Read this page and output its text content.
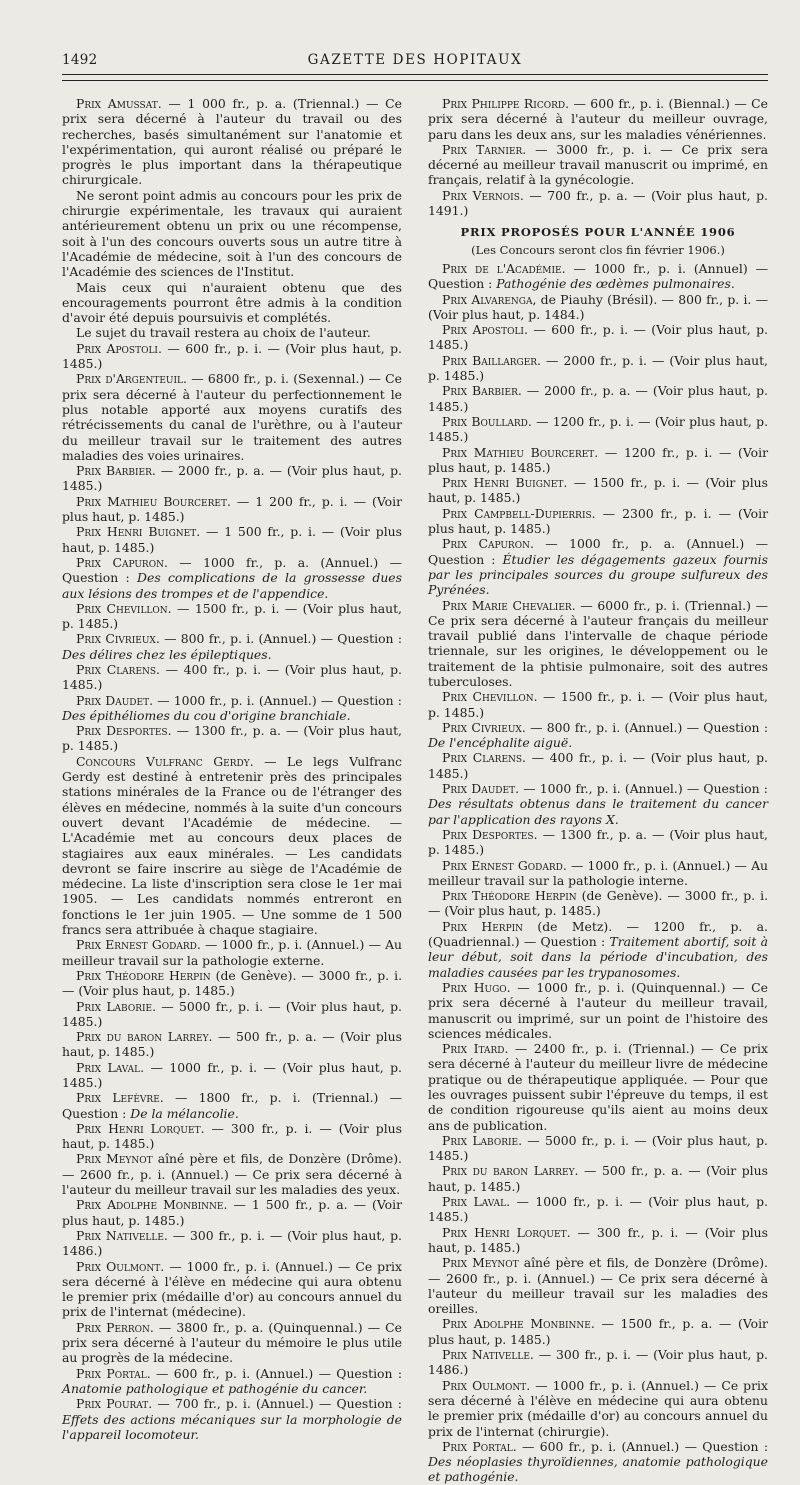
1492	GAZETTE DES HOPITAUX

Prix Amussat. — 1 000 fr., p. a. (Triennal.) — Ce prix sera décerné à l'auteur du travail ou des recherches, basés simultanément sur l'anatomie et l'expérimentation, qui auront réalisé ou préparé le progrès le plus important dans la thérapeutique chirurgicale.

Ne seront point admis au concours pour les prix de chirurgie expérimentale, les travaux qui auraient antérieurement obtenu un prix ou une récompense, soit à l'un des concours ouverts sous un autre titre à l'Académie de médecine, soit à l'un des concours de l'Académie des sciences de l'Institut.

Mais ceux qui n'auraient obtenu que des encouragements pourront être admis à la condition d'avoir été depuis poursuivis et complétés.

Le sujet du travail restera au choix de l'auteur.

Prix Apostoli. — 600 fr., p. i. — (Voir plus haut, p. 1485.)

Prix d'Argenteuil. — 6800 fr., p. i. (Sexennal.) — Ce prix sera décerné à l'auteur du perfectionnement le plus notable apporté aux moyens curatifs des rétrécissements du canal de l'urèthre, ou à l'auteur du meilleur travail sur le traitement des autres maladies des voies urinaires.

Prix Barbier. — 2000 fr., p. a. — (Voir plus haut, p. 1485.)

Prix Mathieu Bourceret. — 1 200 fr., p. i. — (Voir plus haut, p. 1485.)

Prix Henri Buignet. — 1 500 fr., p. i. — (Voir plus haut, p. 1485.)

Prix Capuron. — 1000 fr., p. a. (Annuel.) — Question : Des complications de la grossesse dues aux lésions des trompes et de l'appendice.

Prix Chevillon. — 1500 fr., p. i. — (Voir plus haut, p. 1485.)

Prix Civrieux. — 800 fr., p. i. (Annuel.) — Question : Des délires chez les épileptiques.

Prix Clarens. — 400 fr., p. i. — (Voir plus haut, p. 1485.)

Prix Daudet. — 1000 fr., p. i. (Annuel.) — Question : Des épithéliomes du cou d'origine branchiale.

Prix Desportes. — 1300 fr., p. a. — (Voir plus haut, p. 1485.)

Concours Vulfranc Gerdy. — Le legs Vulfranc Gerdy est destiné à entretenir près des principales stations minérales de la France ou de l'étranger des élèves en médecine, nommés à la suite d'un concours ouvert devant l'Académie de médecine. — L'Académie met au concours deux places de stagiaires aux eaux minérales. — Les candidats devront se faire inscrire au siège de l'Académie de médecine. La liste d'inscription sera close le 1er mai 1905. — Les candidats nommés entreront en fonctions le 1er juin 1905. — Une somme de 1 500 francs sera attribuée à chaque stagiaire.

Prix Ernest Godard. — 1000 fr., p. i. (Annuel.) — Au meilleur travail sur la pathologie externe.

Prix Théodore Herpin (de Genève). — 3000 fr., p. i. — (Voir plus haut, p. 1485.)

Prix Laborie. — 5000 fr., p. i. — (Voir plus haut, p. 1485.)

Prix du baron Larrey. — 500 fr., p. a. — (Voir plus haut, p. 1485.)

Prix Laval. — 1000 fr., p. i. — (Voir plus haut, p. 1485.)

Prix Lefèvre. — 1800 fr., p. i. (Triennal.) — Question : De la mélancolie.

Prix Henri Lorquet. — 300 fr., p. i. — (Voir plus haut, p. 1485.)

Prix Meynot aîné père et fils, de Donzère (Drôme). — 2600 fr., p. i. (Annuel.) — Ce prix sera décerné à l'auteur du meilleur travail sur les maladies des yeux.

Prix Adolphe Monbinne. — 1 500 fr., p. a. — (Voir plus haut, p. 1485.)

Prix Nativelle. — 300 fr., p. i. — (Voir plus haut, p. 1486.)

Prix Oulmont. — 1000 fr., p. i. (Annuel.) — Ce prix sera décerné à l'élève en médecine qui aura obtenu le premier prix (médaille d'or) au concours annuel du prix de l'internat (médecine).

Prix Perron. — 3800 fr., p. a. (Quinquennal.) — Ce prix sera décerné à l'auteur du mémoire le plus utile au progrès de la médecine.

Prix Portal. — 600 fr., p. i. (Annuel.) — Question : Anatomie pathologique et pathogénie du cancer.

Prix Pourat. — 700 fr., p. i. (Annuel.) — Question : Effets des actions mécaniques sur la morphologie de l'appareil locomoteur.

Prix Philippe Ricord. — 600 fr., p. i. (Biennal.) — Ce prix sera décerné à l'auteur du meilleur ouvrage, paru dans les deux ans, sur les maladies vénériennes.

Prix Tarnier. — 3000 fr., p. i. — Ce prix sera décerné au meilleur travail manuscrit ou imprimé, en français, relatif à la gynécologie.

Prix Vernois. — 700 fr., p. a. — (Voir plus haut, p. 1491.)

PRIX PROPOSÉS POUR L'ANNÉE 1906

(Les Concours seront clos fin février 1906.)

Prix de l'Académie. — 1000 fr., p. i. (Annuel) — Question : Pathogénie des œdèmes pulmonaires.

Prix Alvarenga, de Piauhy (Brésil). — 800 fr., p. i. — (Voir plus haut, p. 1484.)

Prix Apostoli. — 600 fr., p. i. — (Voir plus haut, p. 1485.)

Prix Baillarger. — 2000 fr., p. i. — (Voir plus haut, p. 1485.)

Prix Barbier. — 2000 fr., p. a. — (Voir plus haut, p. 1485.)

Prix Boullard. — 1200 fr., p. i. — (Voir plus haut, p. 1485.)

Prix Mathieu Bourceret. — 1200 fr., p. i. — (Voir plus haut, p. 1485.)

Prix Henri Buignet. — 1500 fr., p. i. — (Voir plus haut, p. 1485.)

Prix Campbell-Dupierris. — 2300 fr., p. i. — (Voir plus haut, p. 1485.)

Prix Capuron. — 1000 fr., p. a. (Annuel.) — Question : Étudier les dégagements gazeux fournis par les principales sources du groupe sulfureux des Pyrénées.

Prix Marie Chevalier. — 6000 fr., p. i. (Triennal.) — Ce prix sera décerné à l'auteur français du meilleur travail publié dans l'intervalle de chaque période triennale, sur les origines, le développement ou le traitement de la phtisie pulmonaire, soit des autres tuberculoses.

Prix Chevillon. — 1500 fr., p. i. — (Voir plus haut, p. 1485.)

Prix Civrieux. — 800 fr., p. i. (Annuel.) — Question : De l'encéphalite aiguë.

Prix Clarens. — 400 fr., p. i. — (Voir plus haut, p. 1485.)

Prix Daudet. — 1000 fr., p. i. (Annuel.) — Question : Des résultats obtenus dans le traitement du cancer par l'application des rayons X.

Prix Desportes. — 1300 fr., p. a. — (Voir plus haut, p. 1485.)

Prix Ernest Godard. — 1000 fr., p. i. (Annuel.) — Au meilleur travail sur la pathologie interne.

Prix Théodore Herpin (de Genève). — 3000 fr., p. i. — (Voir plus haut, p. 1485.)

Prix Herpin (de Metz). — 1200 fr., p. a. (Quadriennal.) — Question : Traitement abortif, soit à leur début, soit dans la période d'incubation, des maladies causées par les trypanosomes.

Prix Hugo. — 1000 fr., p. i. (Quinquennal.) — Ce prix sera décerné à l'auteur du meilleur travail, manuscrit ou imprimé, sur un point de l'histoire des sciences médicales.

Prix Itard. — 2400 fr., p. i. (Triennal.) — Ce prix sera décerné à l'auteur du meilleur livre de médecine pratique ou de thérapeutique appliquée. — Pour que les ouvrages puissent subir l'épreuve du temps, il est de condition rigoureuse qu'ils aient au moins deux ans de publication.

Prix Laborie. — 5000 fr., p. i. — (Voir plus haut, p. 1485.)

Prix du baron Larrey. — 500 fr., p. a. — (Voir plus haut, p. 1485.)

Prix Laval. — 1000 fr., p. i. — (Voir plus haut, p. 1485.)

Prix Henri Lorquet. — 300 fr., p. i. — (Voir plus haut, p. 1485.)

Prix Meynot aîné père et fils, de Donzère (Drôme). — 2600 fr., p. i. (Annuel.) — Ce prix sera décerné à l'auteur du meilleur travail sur les maladies des oreilles.

Prix Adolphe Monbinne. — 1500 fr., p. a. — (Voir plus haut, p. 1485.)

Prix Nativelle. — 300 fr., p. i. — (Voir plus haut, p. 1486.)

Prix Oulmont. — 1000 fr., p. i. (Annuel.) — Ce prix sera décerné à l'élève en médecine qui aura obtenu le premier prix (médaille d'or) au concours annuel du prix de l'internat (chirurgie).

Prix Portal. — 600 fr., p. i. (Annuel.) — Question : Des néoplasies thyroïdiennes, anatomie pathologique et pathogénie.
